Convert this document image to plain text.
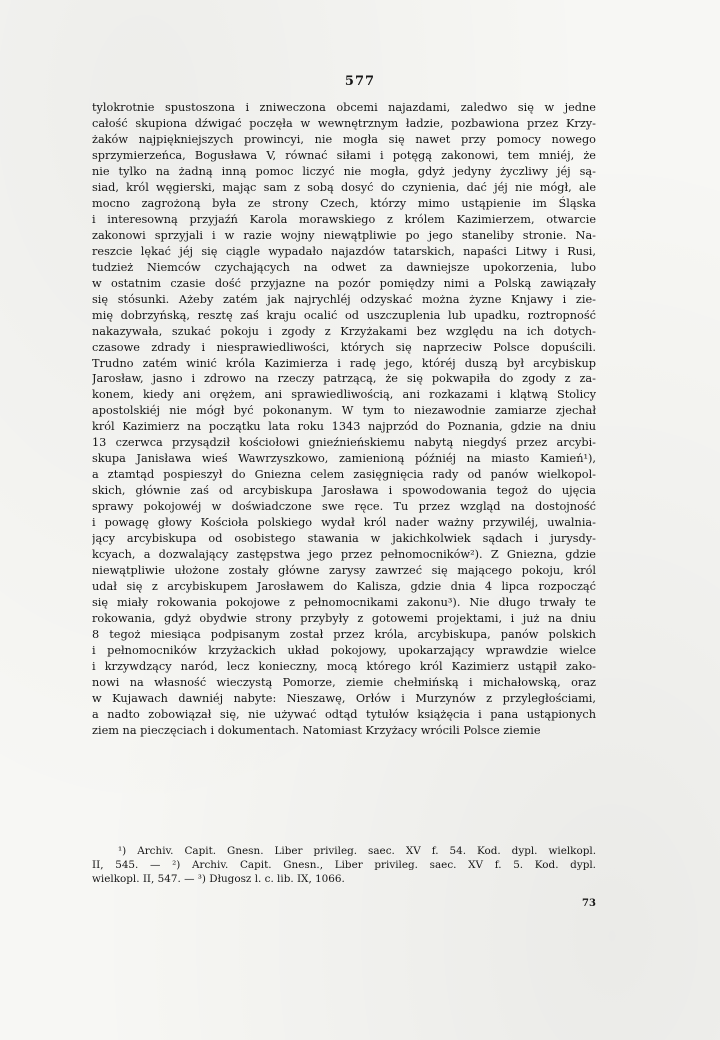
577
tylokrotnie spustoszona i zniweczona obcemi najazdami, zaledwo się w jedne
całość skupiona dźwigać poczęła w wewnętrznym ładzie, pozbawiona przez Krzy-
żaków najpiękniejszych prowincyi, nie mogła się nawet przy pomocy nowego
sprzymierzeńca, Bogusława V, równać siłami i potęgą zakonowi, tem mniéj, że
nie tylko na żadną inną pomoc liczyć nie mogła, gdyż jedyny życzliwy jéj są-
siad, król węgierski, mając sam z sobą dosyć do czynienia, dać jéj nie mógł, ale
mocno zagrożoną była ze strony Czech, którzy mimo ustąpienie im Śląska
i interesowną przyjaźń Karola morawskiego z królem Kazimierzem, otwarcie
zakonowi sprzyjali i w razie wojny niewątpliwie po jego staneliby stronie. Na-
reszcie lękać jéj się ciągle wypadało najazdów tatarskich, napaści Litwy i Rusi,
tudzież Niemców czychających na odwet za dawniejsze upokorzenia, lubo
w ostatnim czasie dość przyjazne na pozór pomiędzy nimi a Polską zawiązały
się stósunki. Ażeby zatém jak najrychléj odzyskać można żyzne Knjawy i zie-
mię dobrzyńską, resztę zaś kraju ocalić od uszczuplenia lub upadku, roztropność
nakazywała, szukać pokoju i zgody z Krzyżakami bez względu na ich dotych-
czasowe zdrady i niesprawiedliwości, których się naprzeciw Polsce dopuścili.
Trudno zatém winić króla Kazimierza i radę jego, któréj duszą był arcybiskup
Jarosław, jasno i zdrowo na rzeczy patrzącą, że się pokwapiła do zgody z za-
konem, kiedy ani orężem, ani sprawiedliwością, ani rozkazami i klątwą Stolicy
apostolskiéj nie mógł być pokonanym. W tym to niezawodnie zamiarze zjechał
król Kazimierz na początku lata roku 1343 najprzód do Poznania, gdzie na dniu
13 czerwca przysądził kościołowi gnieźnieńskiemu nabytą niegdyś przez arcybi-
skupa Janisława wieś Wawrzyszkowo, zamienioną późniéj na miasto Kamień¹),
a ztamtąd pospieszył do Gniezna celem zasięgnięcia rady od panów wielkopol-
skich, głównie zaś od arcybiskupa Jarosława i spowodowania tegoż do ujęcia
sprawy pokojowéj w doświadczone swe ręce. Tu przez wzgląd na dostojność
i powagę głowy Kościoła polskiego wydał król nader ważny przywiléj, uwalnia-
jący arcybiskupa od osobistego stawania w jakichkolwiek sądach i jurysdy-
kcyach, a dozwalający zastępstwa jego przez pełnomocników²). Z Gniezna, gdzie
niewątpliwie ułożone zostały główne zarysy zawrzeć się mającego pokoju, król
udał się z arcybiskupem Jarosławem do Kalisza, gdzie dnia 4 lipca rozpocząć
się miały rokowania pokojowe z pełnomocnikami zakonu³). Nie długo trwały te
rokowania, gdyż obydwie strony przybyły z gotowemi projektami, i już na dniu
8 tegoż miesiąca podpisanym został przez króla, arcybiskupa, panów polskich
i pełnomocników krzyżackich układ pokojowy, upokarzający wprawdzie wielce
i krzywdzący naród, lecz konieczny, mocą którego król Kazimierz ustąpił zako-
nowi na własność wieczystą Pomorze, ziemie chełmińską i michałowską, oraz
w Kujawach dawniéj nabyte: Nieszawę, Orłów i Murzynów z przyległościami,
a nadto zobowiązał się, nie używać odtąd tytułów książęcia i pana ustąpionych
ziem na pieczęciach i dokumentach. Natomiast Krzyżacy wrócili Polsce ziemie
¹) Archiv. Capit. Gnesn. Liber privileg. saec. XV f. 54. Kod. dypl. wielkopl.
II, 545. — ²) Archiv. Capit. Gnesn., Liber privileg. saec. XV f. 5. Kod. dypl.
wielkopl. II, 547. — ³) Długosz l. c. lib. IX, 1066.
73
